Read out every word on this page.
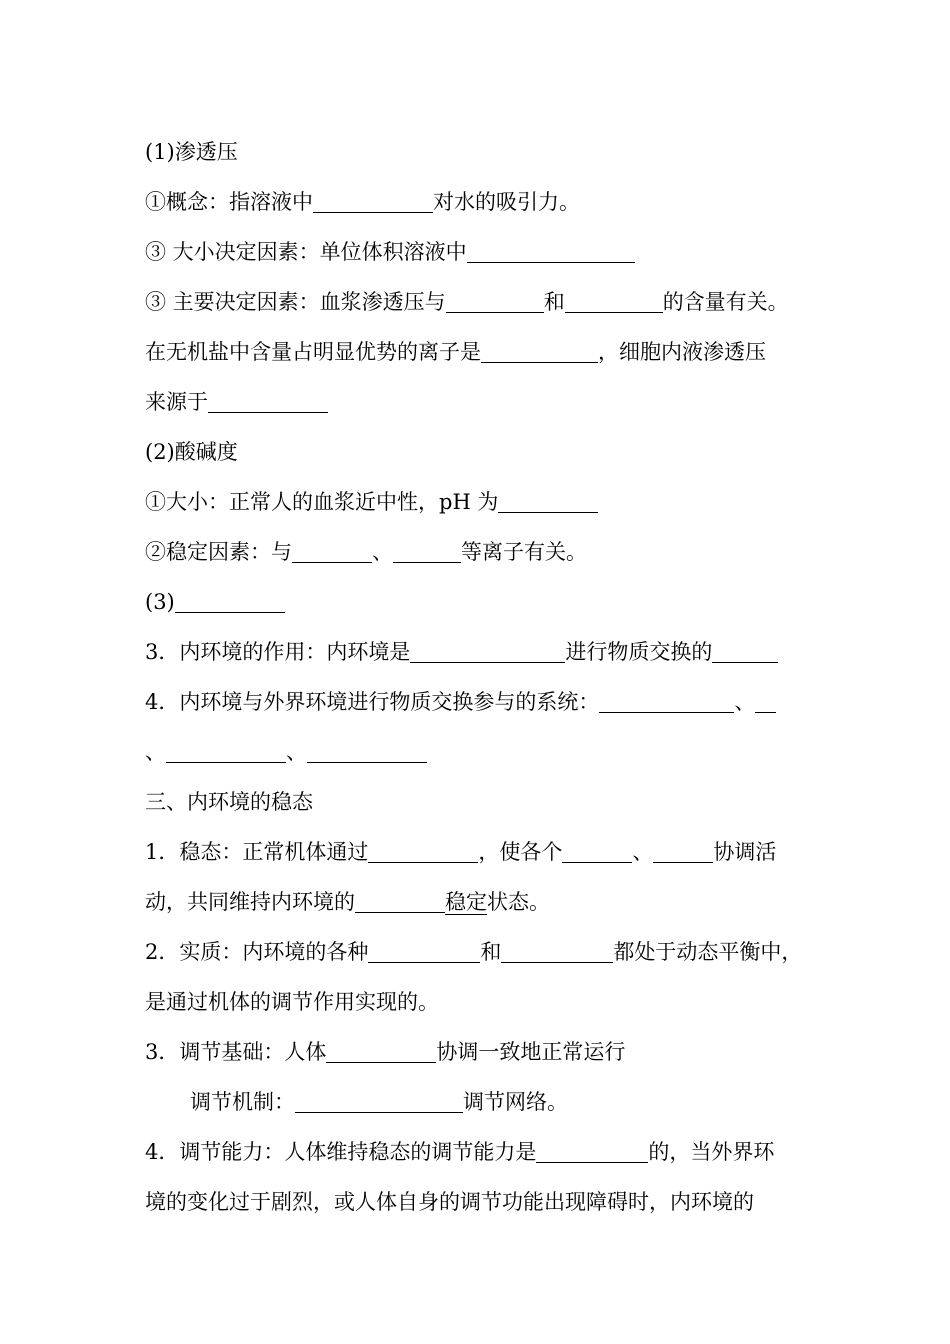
(1)渗透压
①概念：指溶液中	对水的吸引力。
③ 大小决定因素：单位体积溶液中
③ 主要决定因素：血浆渗透压与	和	的含量有关。
在无机盐中含量占明显优势的离子是	，细胞内液渗透压
来源于
(2)酸碱度
①大小：正常人的血浆近中性，pH 为
②稳定因素：与	、	等离子有关。
(3)
3．内环境的作用：内环境是	进行物质交换的
4．内环境与外界环境进行物质交换参与的系统：	、
、	、
三、内环境的稳态
1．稳态：正常机体通过	，使各个	、	协调活
动，共同维持内环境的	稳定状态。
2．实质：内环境的各种	和	都处于动态平衡中，
是通过机体的调节作用实现的。
3．调节基础：人体	协调一致地正常运行
调节机制：	调节网络。
4．调节能力：人体维持稳态的调节能力是	的，当外界环
境的变化过于剧烈，或人体自身的调节功能出现障碍时，内环境的
